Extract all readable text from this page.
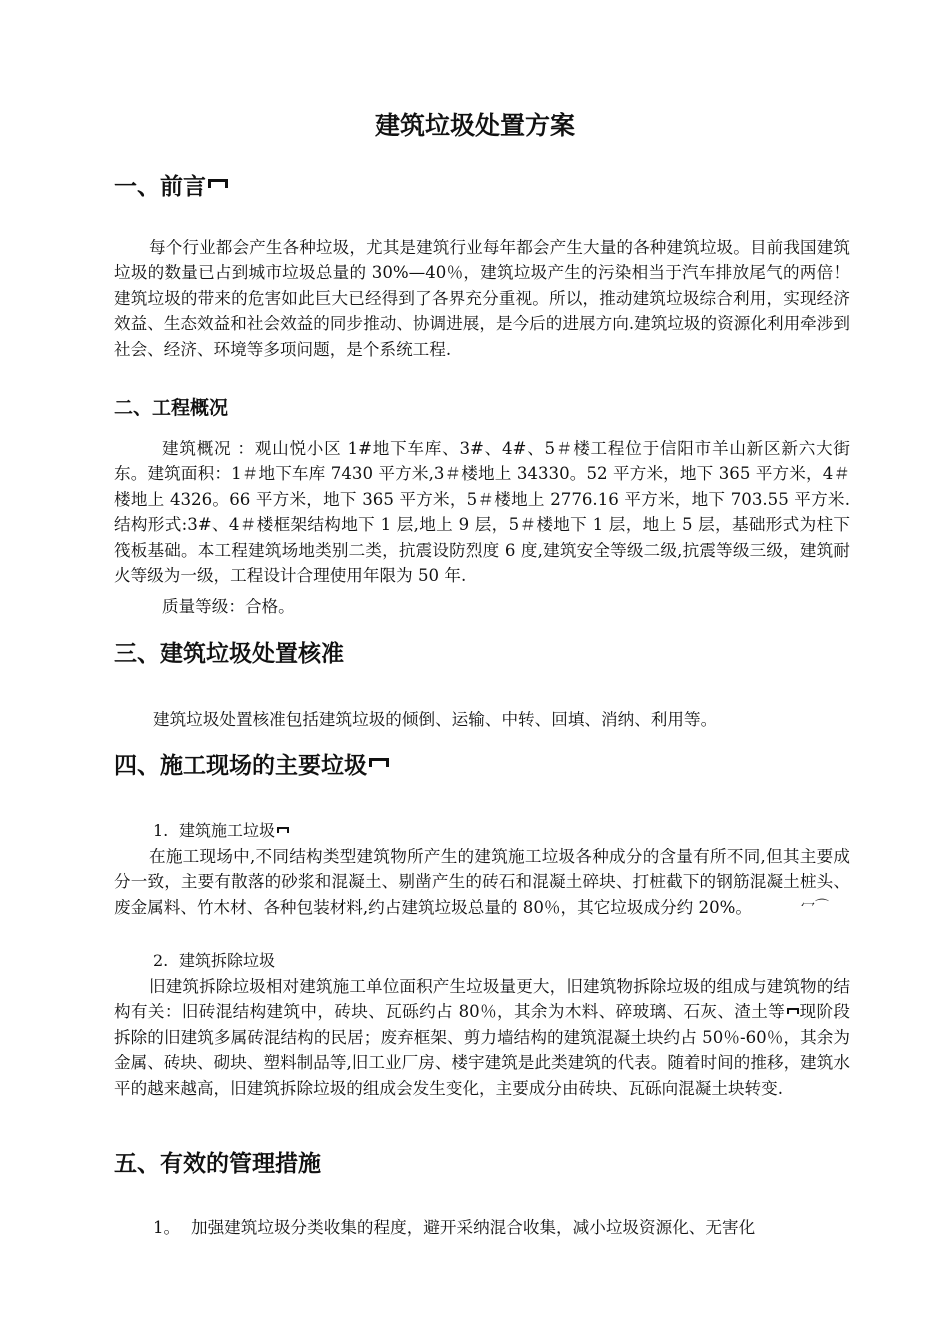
建筑垃圾处置方案
一、前言

每个行业都会产生各种垃圾，尤其是建筑行业每年都会产生大量的各种建筑垃圾。目前我国建筑垃圾的数量已占到城市垃圾总量的 30%—40％，建筑垃圾产生的污染相当于汽车排放尾气的两倍！建筑垃圾的带来的危害如此巨大已经得到了各界充分重视。所以，推动建筑垃圾综合利用，实现经济效益、生态效益和社会效益的同步推动、协调进展，是今后的进展方向.建筑垃圾的资源化利用牵涉到社会、经济、环境等多项问题，是个系统工程.

二、工程概况

建筑概况 ：观山悦小区 1#地下车库、3#、4#、5＃楼工程位于信阳市羊山新区新六大街东。建筑面积：1＃地下车库 7430 平方米,3＃楼地上 34330。52 平方米，地下 365 平方米，4＃楼地上 4326。66 平方米，地下 365 平方米，5＃楼地上 2776.16 平方米，地下 703.55 平方米.结构形式:3#、4＃楼框架结构地下 1 层,地上 9 层，5＃楼地下 1 层，地上 5 层，基础形式为柱下筏板基础。本工程建筑场地类别二类，抗震设防烈度 6 度,建筑安全等级二级,抗震等级三级，建筑耐火等级为一级，工程设计合理使用年限为 50 年.

质量等级：合格。

三、建筑垃圾处置核准

建筑垃圾处置核准包括建筑垃圾的倾倒、运输、中转、回填、消纳、利用等。

四、施工现场的主要垃圾

1. 建筑施工垃圾

在施工现场中,不同结构类型建筑物所产生的建筑施工垃圾各种成分的含量有所不同,但其主要成分一致，主要有散落的砂浆和混凝土、剔凿产生的砖石和混凝土碎块、打桩截下的钢筋混凝土桩头、废金属料、竹木材、各种包装材料,约占建筑垃圾总量的 80％，其它垃圾成分约 20%。	冖⌒

2. 建筑拆除垃圾

旧建筑拆除垃圾相对建筑施工单位面积产生垃圾量更大，旧建筑物拆除垃圾的组成与建筑物的结构有关：旧砖混结构建筑中，砖块、瓦砾约占 80％，其余为木料、碎玻璃、石灰、渣土等 现阶段拆除的旧建筑多属砖混结构的民居；废弃框架、剪力墙结构的建筑混凝土块约占 50％-60％，其余为金属、砖块、砌块、塑料制品等,旧工业厂房、楼宇建筑是此类建筑的代表。随着时间的推移，建筑水平的越来越高，旧建筑拆除垃圾的组成会发生变化，主要成分由砖块、瓦砾向混凝土块转变.

五、有效的管理措施

1。 加强建筑垃圾分类收集的程度，避开采纳混合收集，减小垃圾资源化、无害化
